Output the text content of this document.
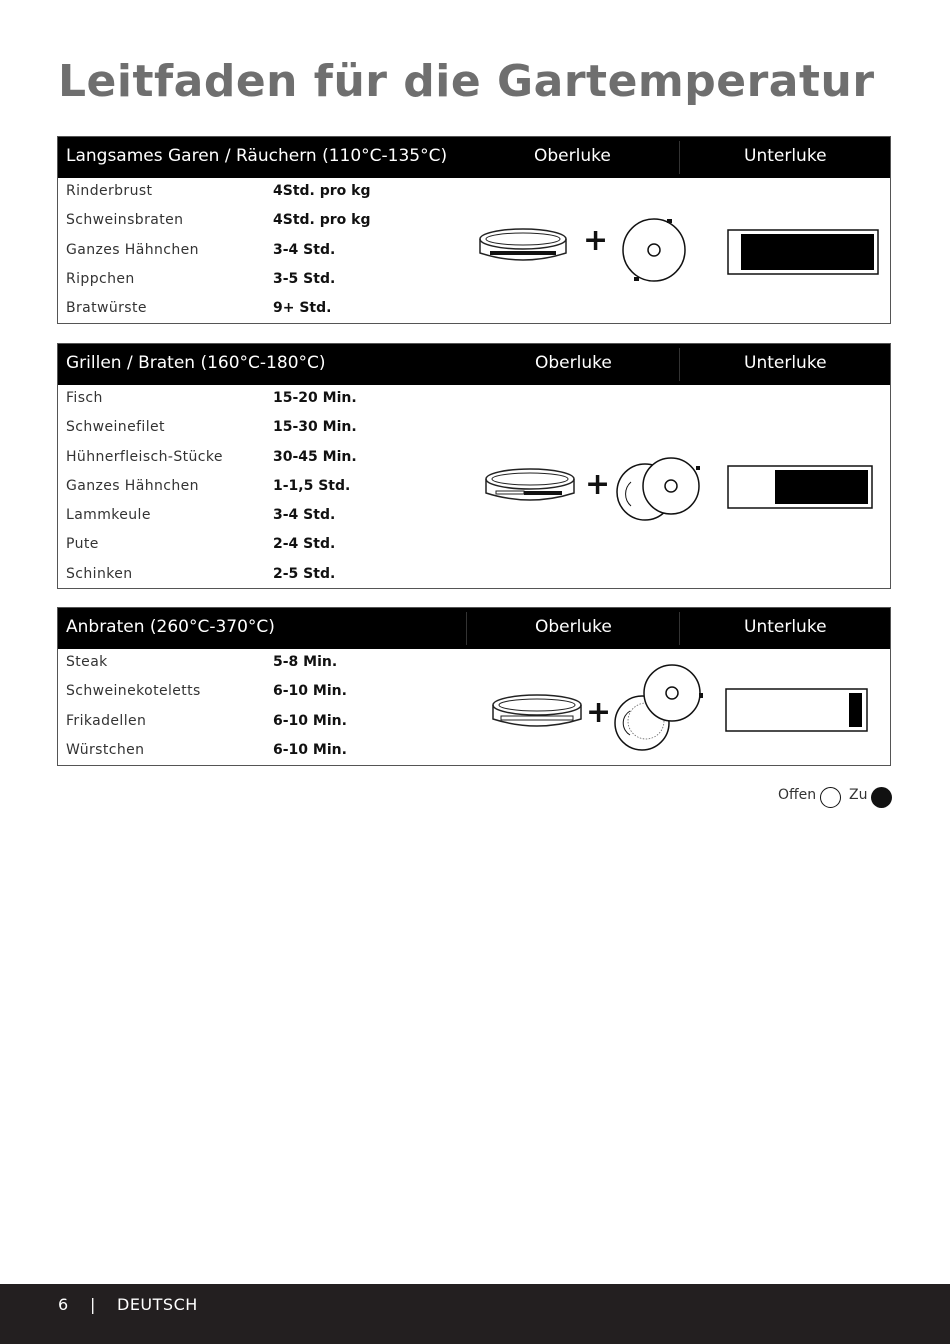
Leitfaden für die Gartemperatur
Langsames Garen / Räuchern (110°C-135°C)	Oberluke	Unterluke
Rinderbrust	4Std. pro kg
Schweinsbraten	4Std. pro kg
Ganzes Hähnchen	3-4 Std.
Rippchen	3-5 Std.
Bratwürste	9+ Std.
+
Grillen / Braten (160°C-180°C)	Oberluke	Unterluke
Fisch	15-20 Min.
Schweinefilet	15-30 Min.
Hühnerfleisch-Stücke	30-45 Min.
Ganzes Hähnchen	1-1,5 Std.
Lammkeule	3-4 Std.
Pute	2-4 Std.
Schinken	2-5 Std.
+
Anbraten (260°C-370°C)	Oberluke	Unterluke
Steak	5-8 Min.
Schweinekoteletts	6-10 Min.
Frikadellen	6-10 Min.
Würstchen	6-10 Min.
+
Offen Zu
6 | DEUTSCH
